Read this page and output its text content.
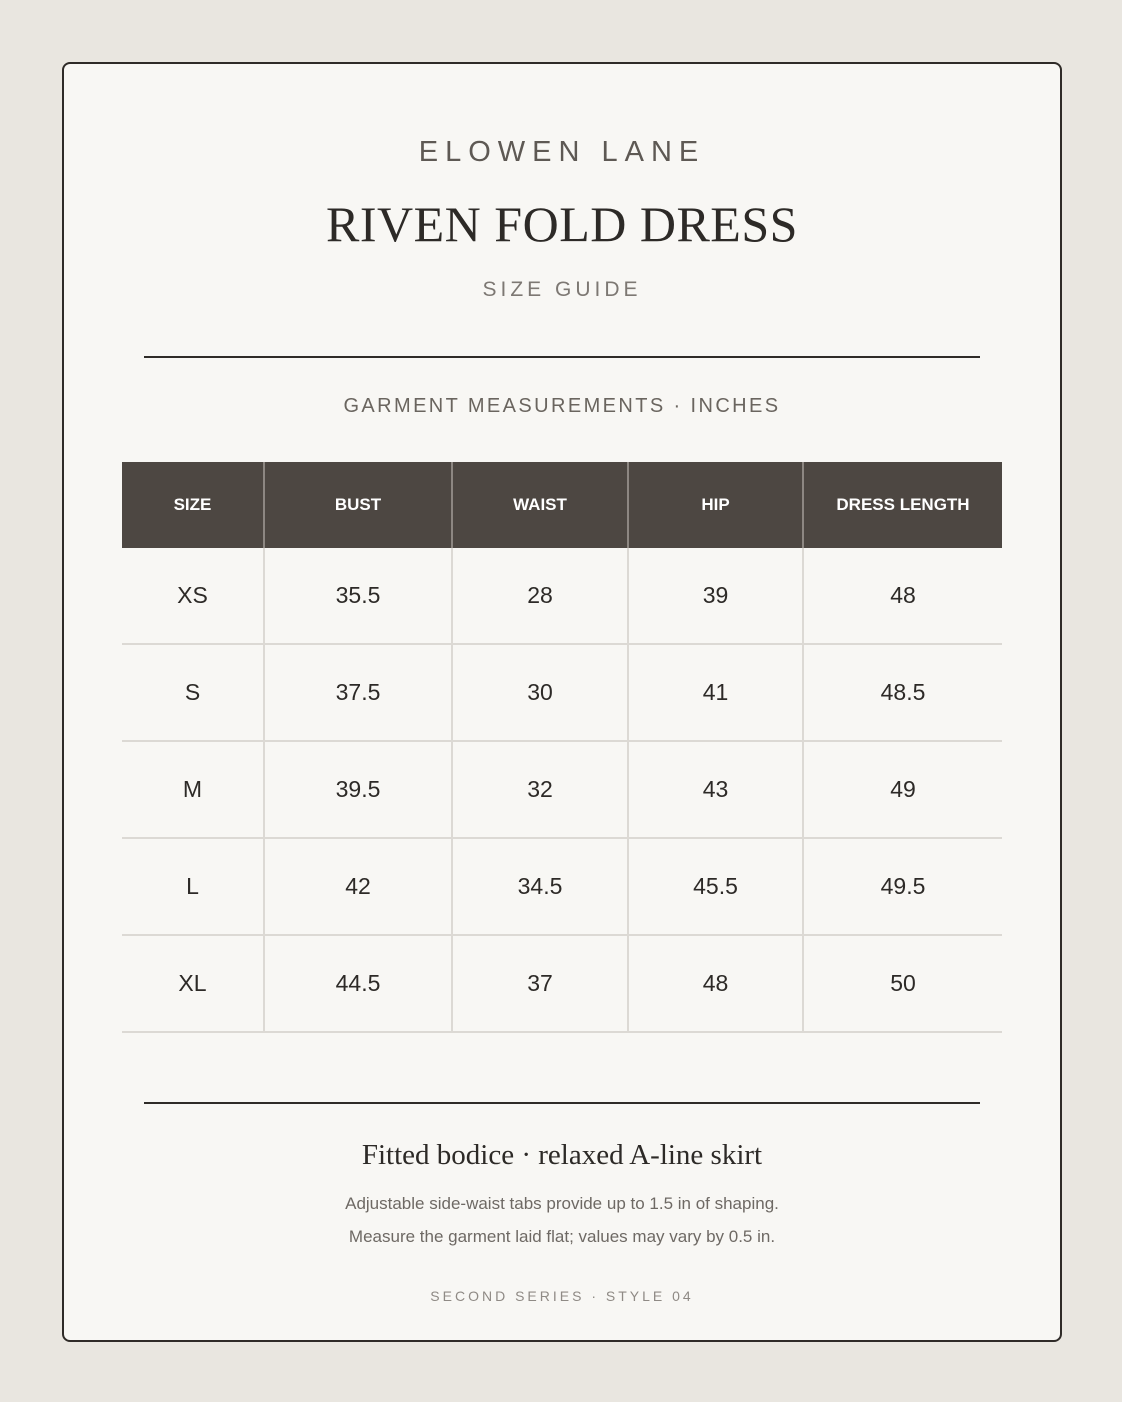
ELOWEN LANE
RIVEN FOLD DRESS
SIZE GUIDE
GARMENT MEASUREMENTS · INCHES
SIZE	BUST	WAIST	HIP	DRESS LENGTH
XS	35.5	28	39	48
S	37.5	30	41	48.5
M	39.5	32	43	49
L	42	34.5	45.5	49.5
XL	44.5	37	48	50
Fitted bodice · relaxed A-line skirt
Adjustable side-waist tabs provide up to 1.5 in of shaping.
Measure the garment laid flat; values may vary by 0.5 in.
SECOND SERIES · STYLE 04
